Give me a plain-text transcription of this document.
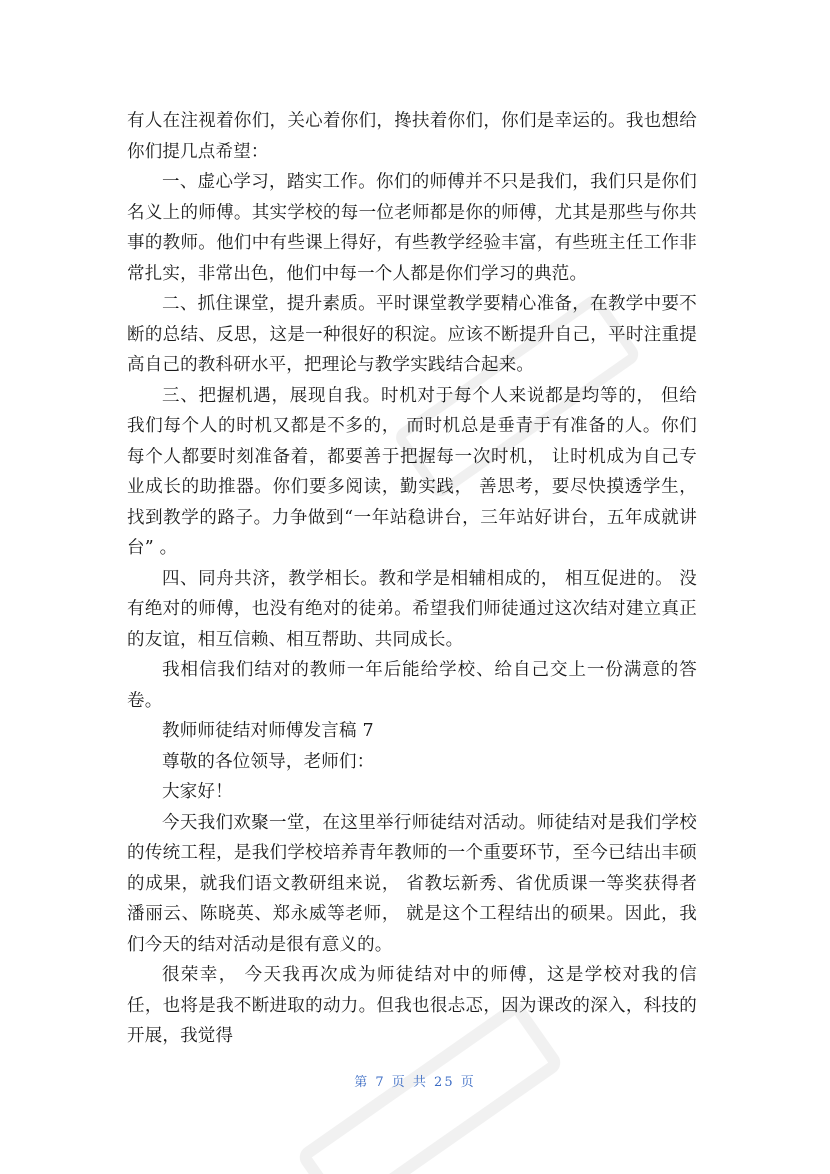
有人在注视着你们，关心着你们，搀扶着你们，你们是幸运的。我也想给你们提几点希望：

一、虚心学习，踏实工作。你们的师傅并不只是我们，我们只是你们名义上的师傅。其实学校的每一位老师都是你的师傅，尤其是那些与你共事的教师。他们中有些课上得好，有些教学经验丰富，有些班主任工作非常扎实，非常出色，他们中每一个人都是你们学习的典范。

二、抓住课堂，提升素质。平时课堂教学要精心准备，在教学中要不断的总结、反思，这是一种很好的积淀。应该不断提升自己，平时注重提高自己的教科研水平，把理论与教学实践结合起来。

三、把握机遇，展现自我。时机对于每个人来说都是均等的， 但给我们每个人的时机又都是不多的， 而时机总是垂青于有准备的人。你们每个人都要时刻准备着，都要善于把握每一次时机， 让时机成为自己专业成长的助推器。你们要多阅读，勤实践， 善思考，要尽快摸透学生，找到教学的路子。力争做到“一年站稳讲台，三年站好讲台，五年成就讲台” 。

四、同舟共济，教学相长。教和学是相辅相成的， 相互促进的。 没有绝对的师傅，也没有绝对的徒弟。希望我们师徒通过这次结对建立真正的友谊，相互信赖、相互帮助、共同成长。

我相信我们结对的教师一年后能给学校、给自己交上一份满意的答卷。

教师师徒结对师傅发言稿 7

尊敬的各位领导，老师们：

大家好！

今天我们欢聚一堂，在这里举行师徒结对活动。师徒结对是我们学校的传统工程，是我们学校培养青年教师的一个重要环节，至今已结出丰硕的成果，就我们语文教研组来说， 省教坛新秀、省优质课一等奖获得者潘丽云、陈晓英、郑永威等老师， 就是这个工程结出的硕果。因此，我们今天的结对活动是很有意义的。

很荣幸， 今天我再次成为师徒结对中的师傅，这是学校对我的信任，也将是我不断进取的动力。但我也很忐忑，因为课改的深入，科技的开展，我觉得

第 7 页 共 25 页
